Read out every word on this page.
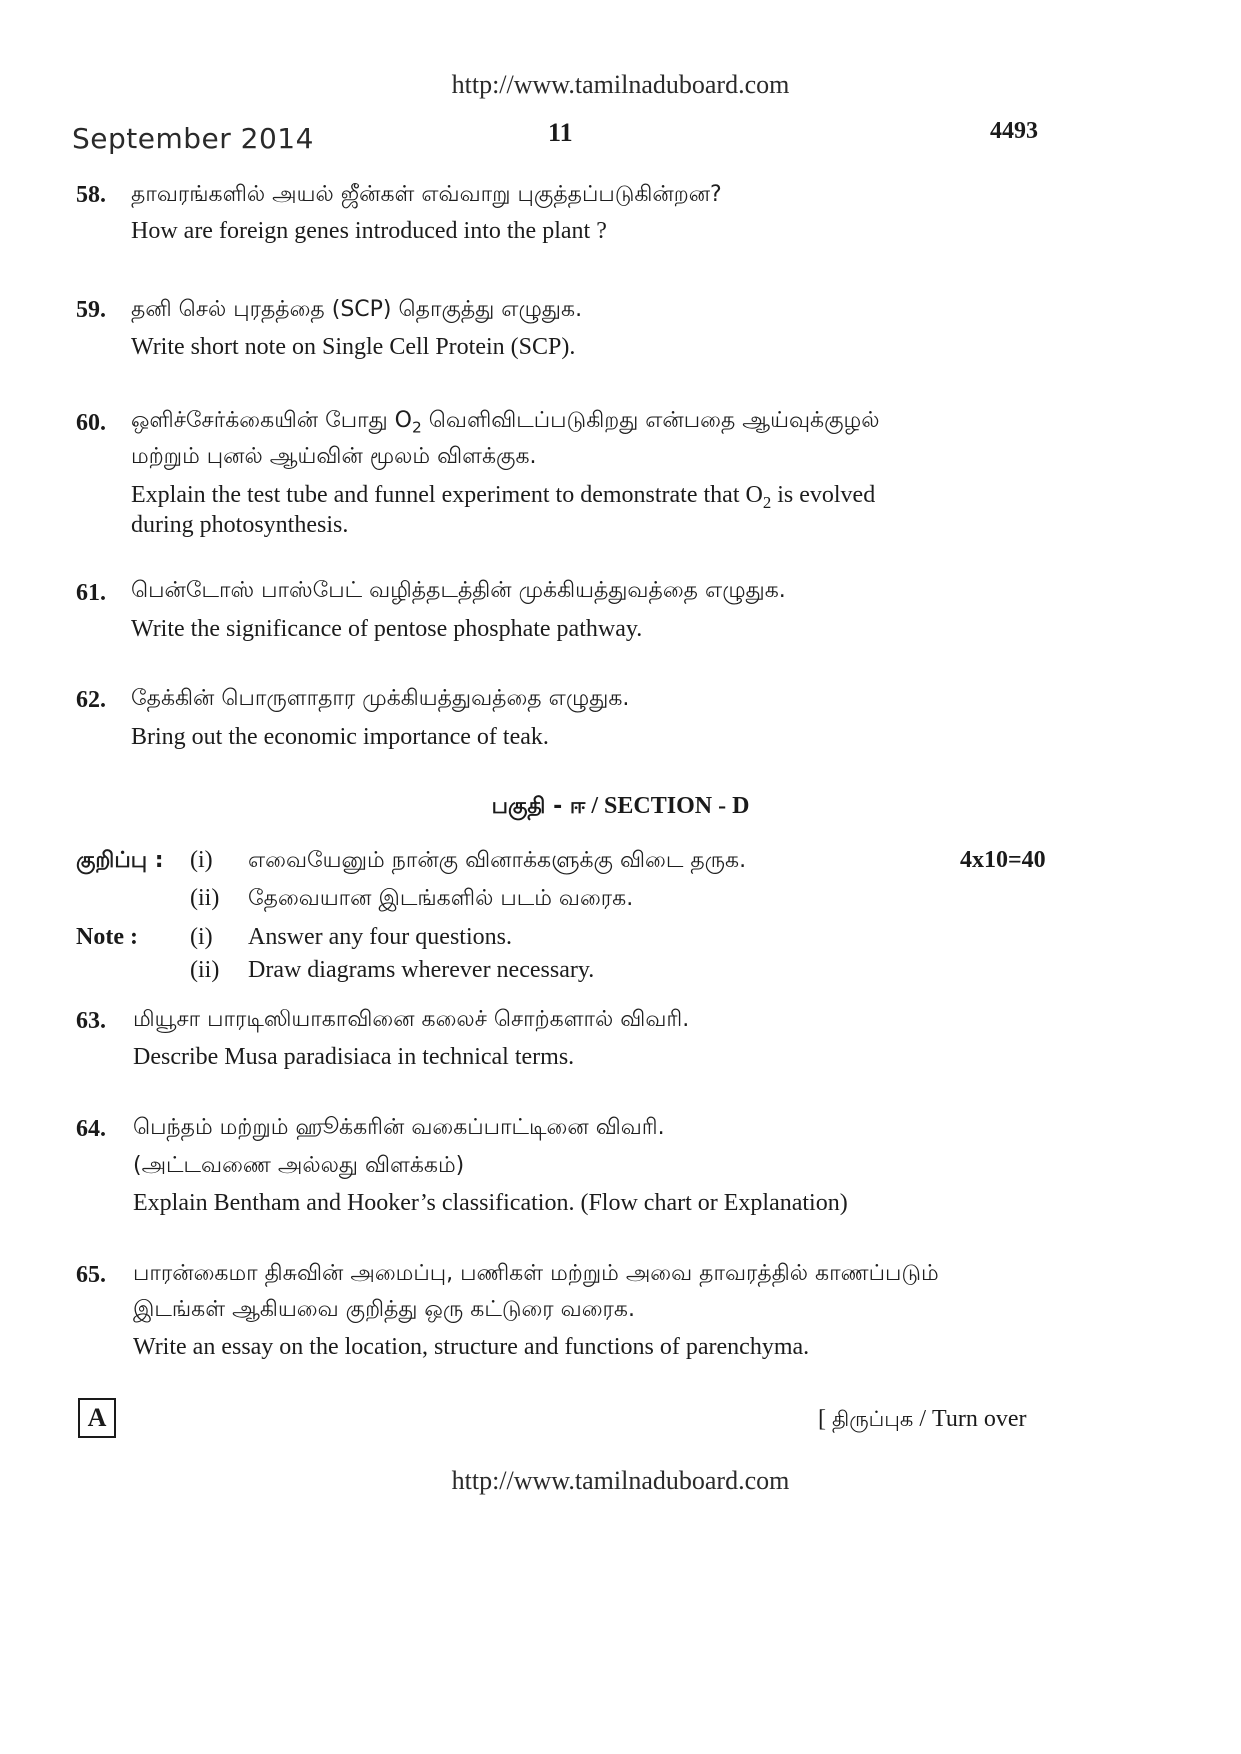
http://www.tamilnaduboard.com
September 2014	11	4493
58.	தாவரங்களில் அயல் ஜீன்கள் எவ்வாறு புகுத்தப்படுகின்றன?
How are foreign genes introduced into the plant ?
59.	தனி செல் புரதத்தை (SCP) தொகுத்து எழுதுக.
Write short note on Single Cell Protein (SCP).
60.	ஒளிச்சேர்க்கையின் போது $O_2$ வெளிவிடப்படுகிறது என்பதை ஆய்வுக்குழல்
மற்றும் புனல் ஆய்வின் மூலம் விளக்குக.
Explain the test tube and funnel experiment to demonstrate that $O_2$ is evolved
during photosynthesis.
61.	பென்டோஸ் பாஸ்பேட் வழித்தடத்தின் முக்கியத்துவத்தை எழுதுக.
Write the significance of pentose phosphate pathway.
62.	தேக்கின் பொருளாதார முக்கியத்துவத்தை எழுதுக.
Bring out the economic importance of teak.
பகுதி - ஈ / SECTION - D
குறிப்பு : (i) எவையேனும் நான்கு வினாக்களுக்கு விடை தருக.	4x10=40
(ii) தேவையான இடங்களில் படம் வரைக.
Note : (i) Answer any four questions.
(ii) Draw diagrams wherever necessary.
63.	மியூசா பாரடிஸியாகாவினை கலைச் சொற்களால் விவரி.
Describe Musa paradisiaca in technical terms.
64.	பெந்தம் மற்றும் ஹூக்கரின் வகைப்பாட்டினை விவரி.
(அட்டவணை அல்லது விளக்கம்)
Explain Bentham and Hooker’s classification. (Flow chart or Explanation)
65.	பாரன்கைமா திசுவின் அமைப்பு, பணிகள் மற்றும் அவை தாவரத்தில் காணப்படும்
இடங்கள் ஆகியவை குறித்து ஒரு கட்டுரை வரைக.
Write an essay on the location, structure and functions of parenchyma.
A	[ திருப்புக / Turn over
http://www.tamilnaduboard.com
